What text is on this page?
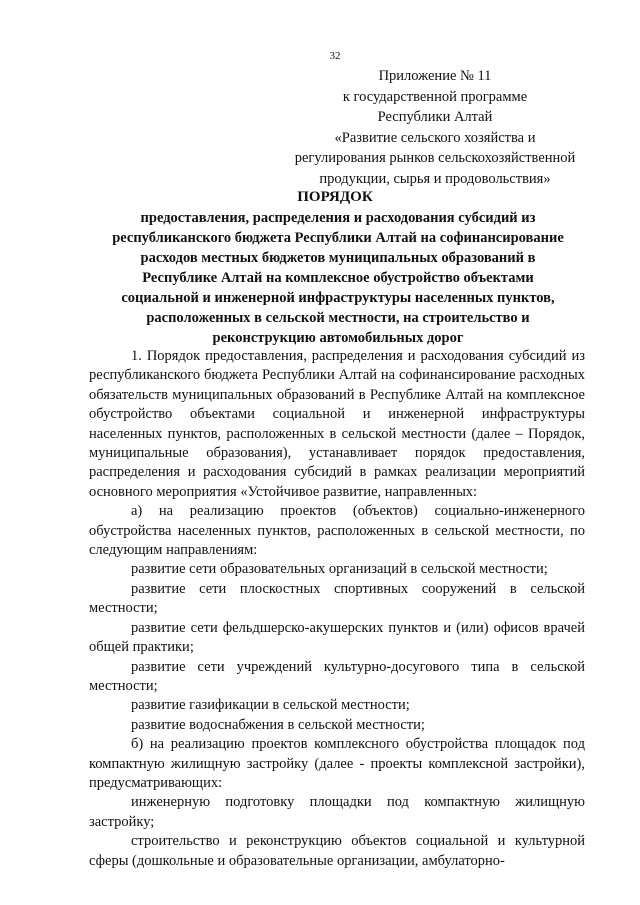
32
Приложение № 11
к государственной программе
Республики Алтай
«Развитие сельского хозяйства и
регулирования рынков сельскохозяйственной
продукции, сырья и продовольствия»
ПОРЯДОК
предоставления, распределения и расходования субсидий из
республиканского бюджета Республики Алтай на софинансирование
расходов местных бюджетов муниципальных образований в
Республике Алтай на комплексное обустройство объектами
социальной и инженерной инфраструктуры населенных пунктов,
расположенных в сельской местности, на строительство и
реконструкцию автомобильных дорог

1. Порядок предоставления, распределения и расходования субсидий из республиканского бюджета Республики Алтай на софинансирование расходных обязательств муниципальных образований в Республике Алтай на комплексное обустройство объектами социальной и инженерной инфраструктуры населенных пунктов, расположенных в сельской местности (далее – Порядок, муниципальные образования), устанавливает порядок предоставления, распределения и расходования субсидий в рамках реализации мероприятий основного мероприятия «Устойчивое развитие, направленных:

а) на реализацию проектов (объектов) социально-инженерного обустройства населенных пунктов, расположенных в сельской местности, по следующим направлениям:

развитие сети образовательных организаций в сельской местности;

развитие сети плоскостных спортивных сооружений в сельской местности;

развитие сети фельдшерско-акушерских пунктов и (или) офисов врачей общей практики;

развитие сети учреждений культурно-досугового типа в сельской местности;

развитие газификации в сельской местности;

развитие водоснабжения в сельской местности;

б) на реализацию проектов комплексного обустройства площадок под компактную жилищную застройку (далее - проекты комплексной застройки), предусматривающих:

инженерную подготовку площадки под компактную жилищную застройку;

строительство и реконструкцию объектов социальной и культурной сферы (дошкольные и образовательные организации, амбулаторно-
